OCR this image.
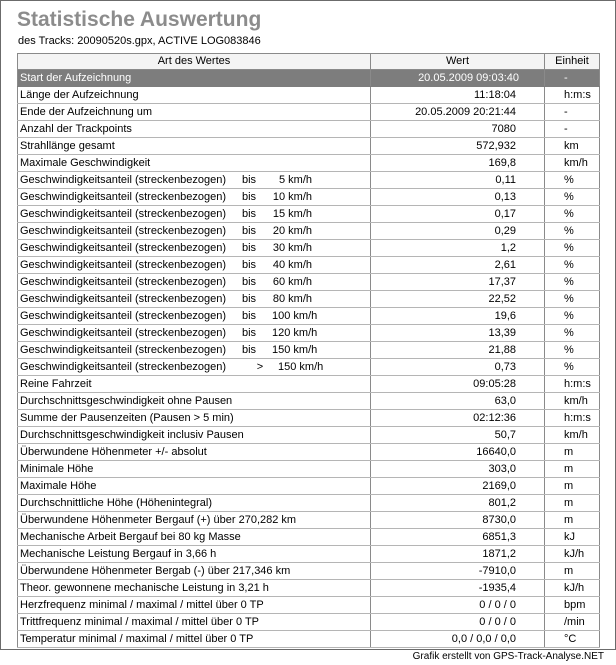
Statistische Auswertung
des Tracks: 20090520s.gpx, ACTIVE LOG083846
Art des Wertes	Wert	Einheit
Start der Aufzeichnung	20.05.2009 09:03:40	-
Länge der Aufzeichnung	11:18:04	h:m:s
Ende der Aufzeichnung um	20.05.2009 20:21:44	-
Anzahl der Trackpoints	7080	-
Strahllänge gesamt	572,932	km
Maximale Geschwindigkeit	169,8	km/h
Geschwindigkeitsanteil (streckenbezogen) bis 5 km/h	0,11	%
Geschwindigkeitsanteil (streckenbezogen) bis 10 km/h	0,13	%
Geschwindigkeitsanteil (streckenbezogen) bis 15 km/h	0,17	%
Geschwindigkeitsanteil (streckenbezogen) bis 20 km/h	0,29	%
Geschwindigkeitsanteil (streckenbezogen) bis 30 km/h	1,2	%
Geschwindigkeitsanteil (streckenbezogen) bis 40 km/h	2,61	%
Geschwindigkeitsanteil (streckenbezogen) bis 60 km/h	17,37	%
Geschwindigkeitsanteil (streckenbezogen) bis 80 km/h	22,52	%
Geschwindigkeitsanteil (streckenbezogen) bis 100 km/h	19,6	%
Geschwindigkeitsanteil (streckenbezogen) bis 120 km/h	13,39	%
Geschwindigkeitsanteil (streckenbezogen) bis 150 km/h	21,88	%
Geschwindigkeitsanteil (streckenbezogen) > 150 km/h	0,73	%
Reine Fahrzeit	09:05:28	h:m:s
Durchschnittsgeschwindigkeit ohne Pausen	63,0	km/h
Summe der Pausenzeiten (Pausen > 5 min)	02:12:36	h:m:s
Durchschnittsgeschwindigkeit inclusiv Pausen	50,7	km/h
Überwundene Höhenmeter +/- absolut	16640,0	m
Minimale Höhe	303,0	m
Maximale Höhe	2169,0	m
Durchschnittliche Höhe (Höhenintegral)	801,2	m
Überwundene Höhenmeter Bergauf (+) über 270,282 km	8730,0	m
Mechanische Arbeit Bergauf bei 80 kg Masse	6851,3	kJ
Mechanische Leistung Bergauf in 3,66 h	1871,2	kJ/h
Überwundene Höhenmeter Bergab (-) über 217,346 km	-7910,0	m
Theor. gewonnene mechanische Leistung in 3,21 h	-1935,4	kJ/h
Herzfrequenz minimal / maximal / mittel über 0 TP	0 / 0 / 0	bpm
Trittfrequenz minimal / maximal / mittel über 0 TP	0 / 0 / 0	/min
Temperatur minimal / maximal / mittel über 0 TP	0,0 / 0,0 / 0,0	°C
Grafik erstellt von GPS-Track-Analyse.NET
